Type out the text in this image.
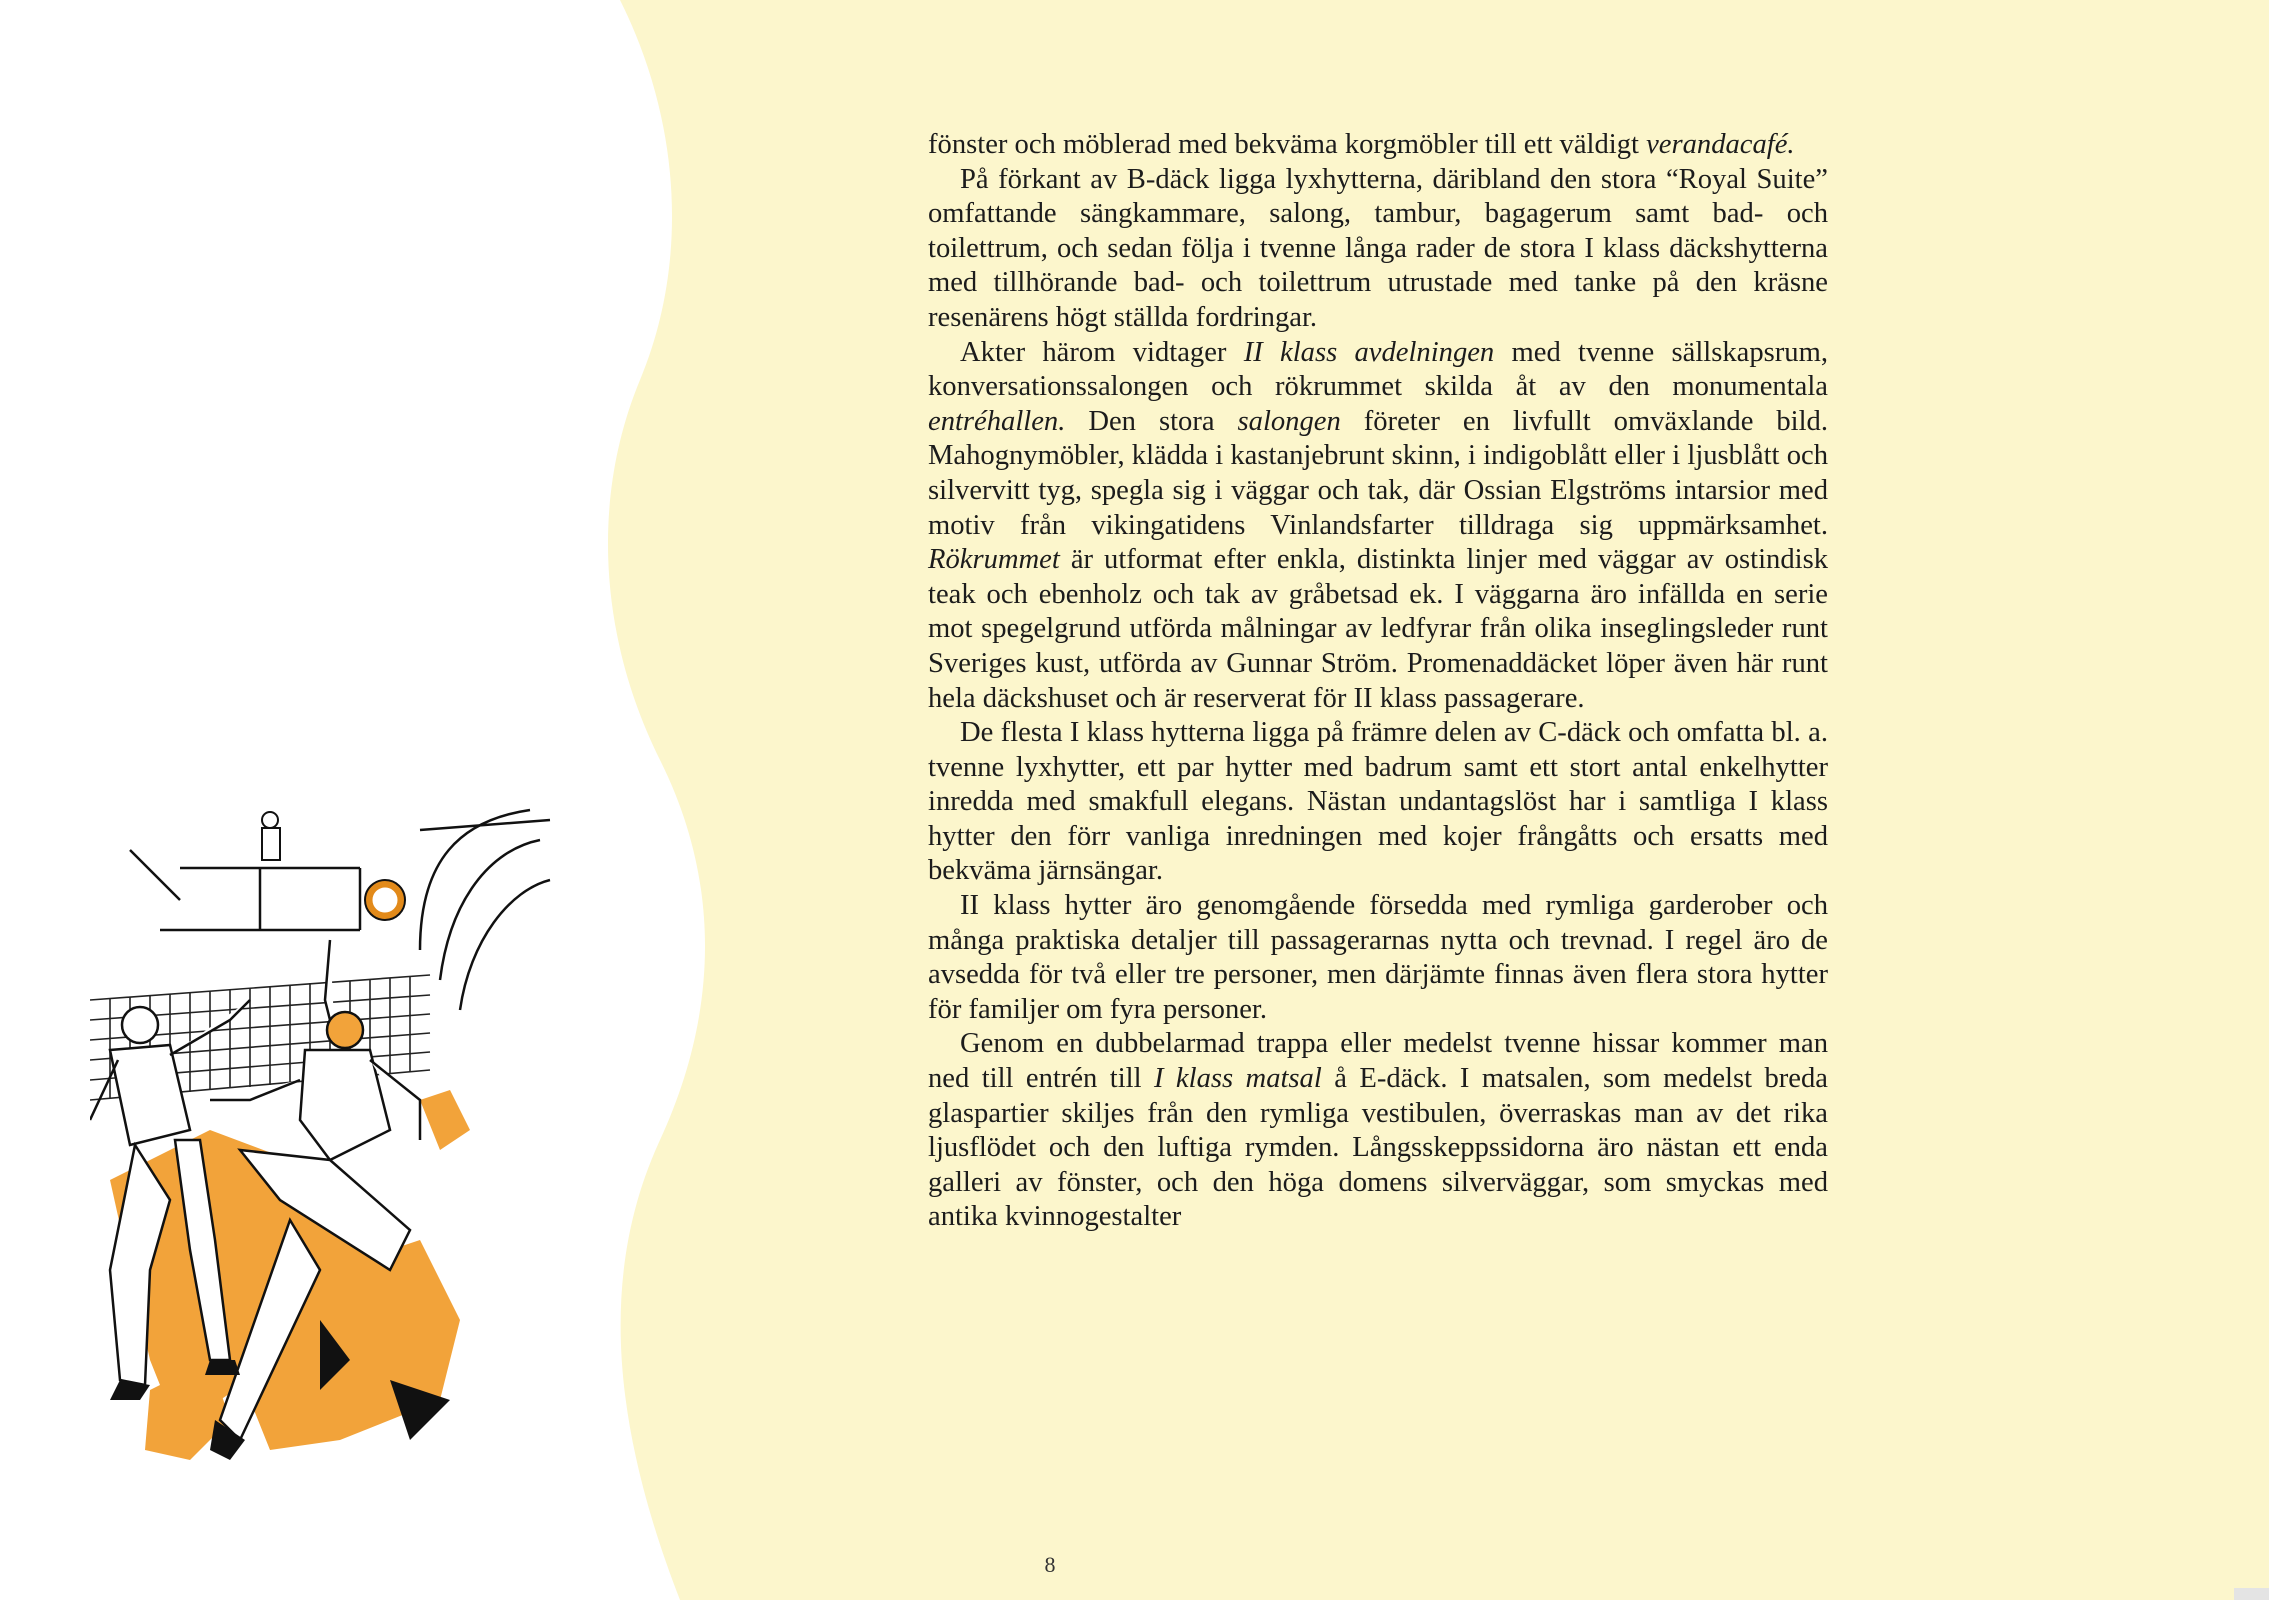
fönster och möblerad med bekväma korgmöbler till ett väldigt verandacafé.

På förkant av B-däck ligga lyxhytterna, däribland den stora “Royal Suite” omfattande sängkammare, salong, tambur, bagagerum samt bad- och toilettrum, och sedan följa i tvenne långa rader de stora I klass däckshytterna med tillhörande bad- och toilettrum utrustade med tanke på den kräsne resenärens högt ställda fordringar.

Akter härom vidtager II klass avdelningen med tvenne sällskapsrum, konversationssalongen och rökrummet skilda åt av den monumentala entréhallen. Den stora salongen företer en livfullt omväxlande bild. Mahognymöbler, klädda i kastanjebrunt skinn, i indigoblått eller i ljusblått och silvervitt tyg, spegla sig i väggar och tak, där Ossian Elgströms intarsior med motiv från vikingatidens Vinlandsfarter tilldraga sig uppmärksamhet. Rökrummet är utformat efter enkla, distinkta linjer med väggar av ostindisk teak och ebenholz och tak av gråbetsad ek. I väggarna äro infällda en serie mot spegelgrund utförda målningar av ledfyrar från olika inseglingsleder runt Sveriges kust, utförda av Gunnar Ström. Promenaddäcket löper även här runt hela däckshuset och är reserverat för II klass passagerare.

De flesta I klass hytterna ligga på främre delen av C-däck och omfatta bl. a. tvenne lyxhytter, ett par hytter med badrum samt ett stort antal enkelhytter inredda med smakfull elegans. Nästan undantagslöst har i samtliga I klass hytter den förr vanliga inredningen med kojer frångåtts och ersatts med bekväma järnsängar.

II klass hytter äro genomgående försedda med rymliga garderober och många praktiska detaljer till passagerarnas nytta och trevnad. I regel äro de avsedda för två eller tre personer, men därjämte finnas även flera stora hytter för familjer om fyra personer.

Genom en dubbelarmad trappa eller medelst tvenne hissar kommer man ned till entrén till I klass matsal å E-däck. I matsalen, som medelst breda glaspartier skiljes från den rymliga vestibulen, överraskas man av det rika ljusflödet och den luftiga rymden. Långsskeppssidorna äro nästan ett enda galleri av fönster, och den höga domens silverväggar, som smyckas med antika kvinnogestalter

8
